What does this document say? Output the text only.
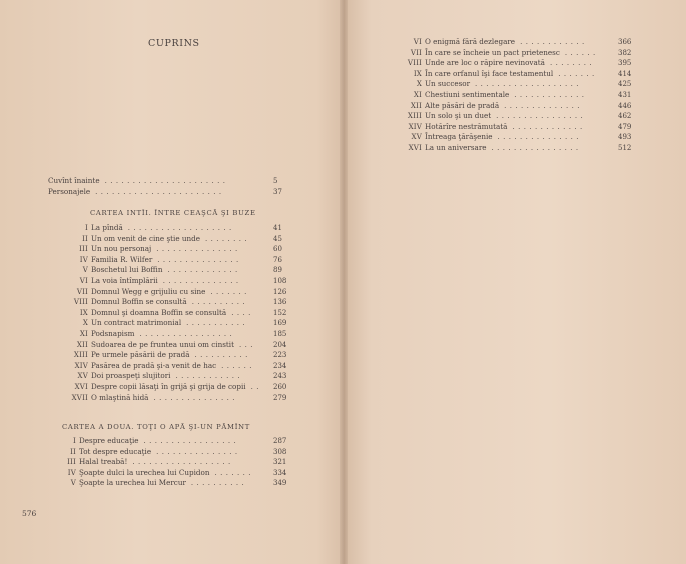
CUPRINS
Cuvînt înainte ......................	5
Personajele .......................	37
CARTEA INTÎI. ÎNTRE CEAŞCĂ ŞI BUZE
I La pîndă ...................	41
II Un om venit de cine ştie unde ........	45
III Un nou personaj ...............	60
IV Familia R. Wilfer ...............	76
V Boschetul lui Boffin .............	89
VI La voia întîmplării ..............	108
VII Domnul Wegg e grijuliu cu sine .......	126
VIII Domnul Boffin se consultă ..........	136
IX Domnul şi doamna Boffin se consultă ....	152
X Un contract matrimonial ...........	169
XI Podsnapism .................	185
XII Sudoarea de pe fruntea unui om cinstit ... 204
XIII Pe urmele păsării de pradă ..........	223
XIV Pasărea de pradă şi-a venit de hac ......	234
XV Doi proaspeţi slujitori ............	243
XVI Despre copii lăsaţi în grijă şi grija de copii .. 260
XVII O mlaştină hidă ...............	279
CARTEA A DOUA. TOŢI O APĂ ŞI-UN PĂMÎNT
I Despre educaţie .................	287
II Tot despre educaţie ...............	308
III Halal treabă! ..................	321
IV Şoapte dulci la urechea lui Cupidon .......	334
V Şoapte la urechea lui Mercur ..........	349
VI O enigmă fără dezlegare ............	366
VII În care se încheie un pact prietenesc ......	382
VIII Unde are loc o răpire nevinovată ........	395
IX În care orfanul îşi face testamentul .......	414
X Un succesor ...................	425
XI Chestiuni sentimentale .............	431
XII Alte păsări de pradă ..............	446
XIII Un solo şi un duet ................	462
XIV Hotărîre nestrămutată .............	479
XV Întreaga ţărăşenie ...............	493
XVI La un aniversare ................	512
576
